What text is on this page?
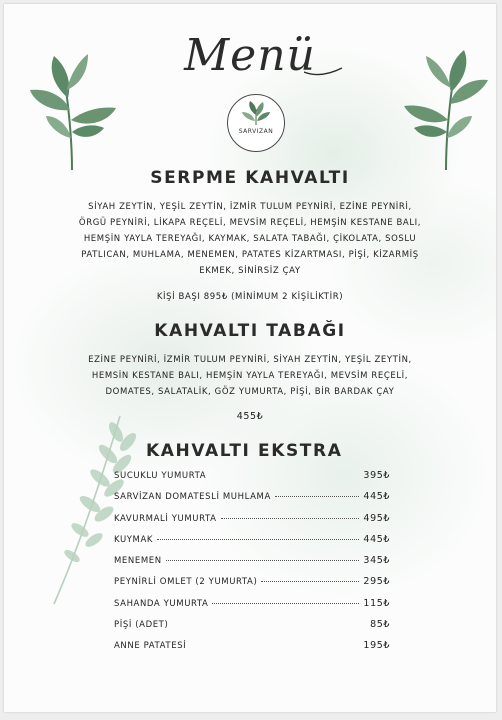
Menü
SARVIZAN
SERPME KAHVALTI
SİYAH ZEYTİN, YEŞİL ZEYTİN, İZMİR TULUM PEYNİRİ, EZİNE PEYNİRİ,
ÖRGÜ PEYNİRİ, LİKAPA REÇELİ, MEVSİM REÇELİ, HEMŞİN KESTANE BALI,
HEMŞİN YAYLA TEREYAĞI, KAYMAK, SALATA TABAĞI, ÇİKOLATA, SOSLU
PATLICAN, MUHLAMA, MENEMEN, PATATES KİZARTMASI, PİŞİ, KİZARMİŞ
EKMEK, SİNİRSİZ ÇAY
KİŞİ BAŞI 895₺ (MİNİMUM 2 KİŞİLİKTİR)
KAHVALTI TABAĞI
EZİNE PEYNİRİ, İZMİR TULUM PEYNİRİ, SİYAH ZEYTİN, YEŞİL ZEYTİN,
HEMSİN KESTANE BALI, HEMŞİN YAYLA TEREYAĞI, MEVSİM REÇELİ,
DOMATES, SALATALİK, GÖZ YUMURTA, PİŞİ, BİR BARDAK ÇAY
455₺
KAHVALTI EKSTRA
SUCUKLU YUMURTA	395₺
SARVİZAN DOMATESLİ MUHLAMA	445₺
KAVURMALİ YUMURTA	495₺
KUYMAK	445₺
MENEMEN	345₺
PEYNİRLİ OMLET (2 YUMURTA)	295₺
SAHANDA YUMURTA	115₺
PİŞİ (ADET)	85₺
ANNE PATATESİ	195₺
